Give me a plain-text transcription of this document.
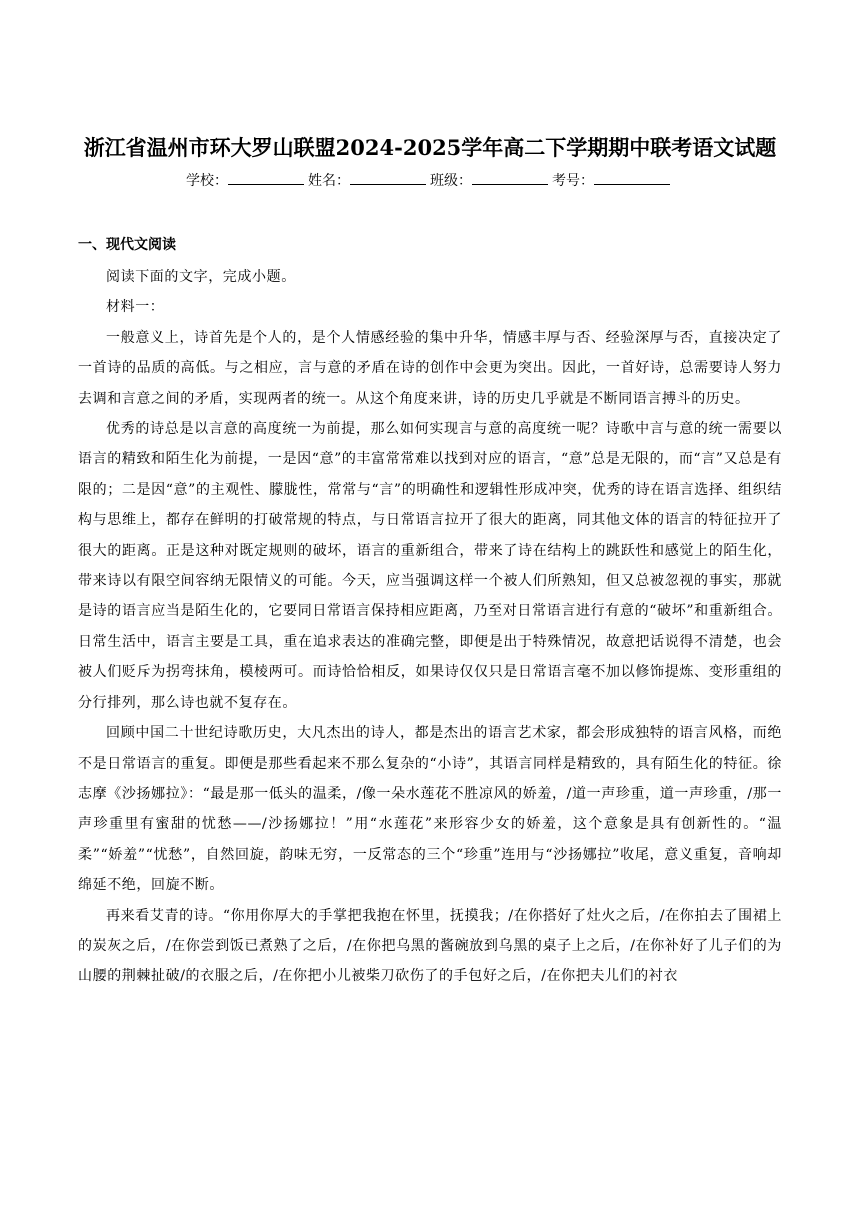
浙江省温州市环大罗山联盟2024-2025学年高二下学期期中联考语文试题
学校：	姓名：	班级：	考号：
一、现代文阅读

阅读下面的文字，完成小题。

材料一：

一般意义上，诗首先是个人的，是个人情感经验的集中升华，情感丰厚与否、经验深厚与否，直接决定了一首诗的品质的高低。与之相应，言与意的矛盾在诗的创作中会更为突出。因此，一首好诗，总需要诗人努力去调和言意之间的矛盾，实现两者的统一。从这个角度来讲，诗的历史几乎就是不断同语言搏斗的历史。

优秀的诗总是以言意的高度统一为前提，那么如何实现言与意的高度统一呢？诗歌中言与意的统一需要以语言的精致和陌生化为前提，一是因“意”的丰富常常难以找到对应的语言，“意”总是无限的，而“言”又总是有限的；二是因“意”的主观性、朦胧性，常常与“言”的明确性和逻辑性形成冲突，优秀的诗在语言选择、组织结构与思维上，都存在鲜明的打破常规的特点，与日常语言拉开了很大的距离，同其他文体的语言的特征拉开了很大的距离。正是这种对既定规则的破坏，语言的重新组合，带来了诗在结构上的跳跃性和感觉上的陌生化，带来诗以有限空间容纳无限情义的可能。今天，应当强调这样一个被人们所熟知，但又总被忽视的事实，那就是诗的语言应当是陌生化的，它要同日常语言保持相应距离，乃至对日常语言进行有意的“破坏”和重新组合。日常生活中，语言主要是工具，重在追求表达的准确完整，即便是出于特殊情况，故意把话说得不清楚，也会被人们贬斥为拐弯抹角，模棱两可。而诗恰恰相反，如果诗仅仅只是日常语言毫不加以修饰提炼、变形重组的分行排列，那么诗也就不复存在。

回顾中国二十世纪诗歌历史，大凡杰出的诗人，都是杰出的语言艺术家，都会形成独特的语言风格，而绝不是日常语言的重复。即便是那些看起来不那么复杂的“小诗”，其语言同样是精致的，具有陌生化的特征。徐志摩《沙扬娜拉》：“最是那一低头的温柔，/像一朵水莲花不胜凉风的娇羞，/道一声珍重，道一声珍重，/那一声珍重里有蜜甜的忧愁——/沙扬娜拉！”用“水莲花”来形容少女的娇羞，这个意象是具有创新性的。“温柔”“娇羞”“忧愁”，自然回旋，韵味无穷，一反常态的三个“珍重”连用与“沙扬娜拉”收尾，意义重复，音响却绵延不绝，回旋不断。

再来看艾青的诗。“你用你厚大的手掌把我抱在怀里，抚摸我；/在你搭好了灶火之后，/在你拍去了围裙上的炭灰之后，/在你尝到饭已煮熟了之后，/在你把乌黑的酱碗放到乌黑的桌子上之后，/在你补好了儿子们的为山腰的荆棘扯破/的衣服之后，/在你把小儿被柴刀砍伤了的手包好之后，/在你把夫儿们的衬衣
